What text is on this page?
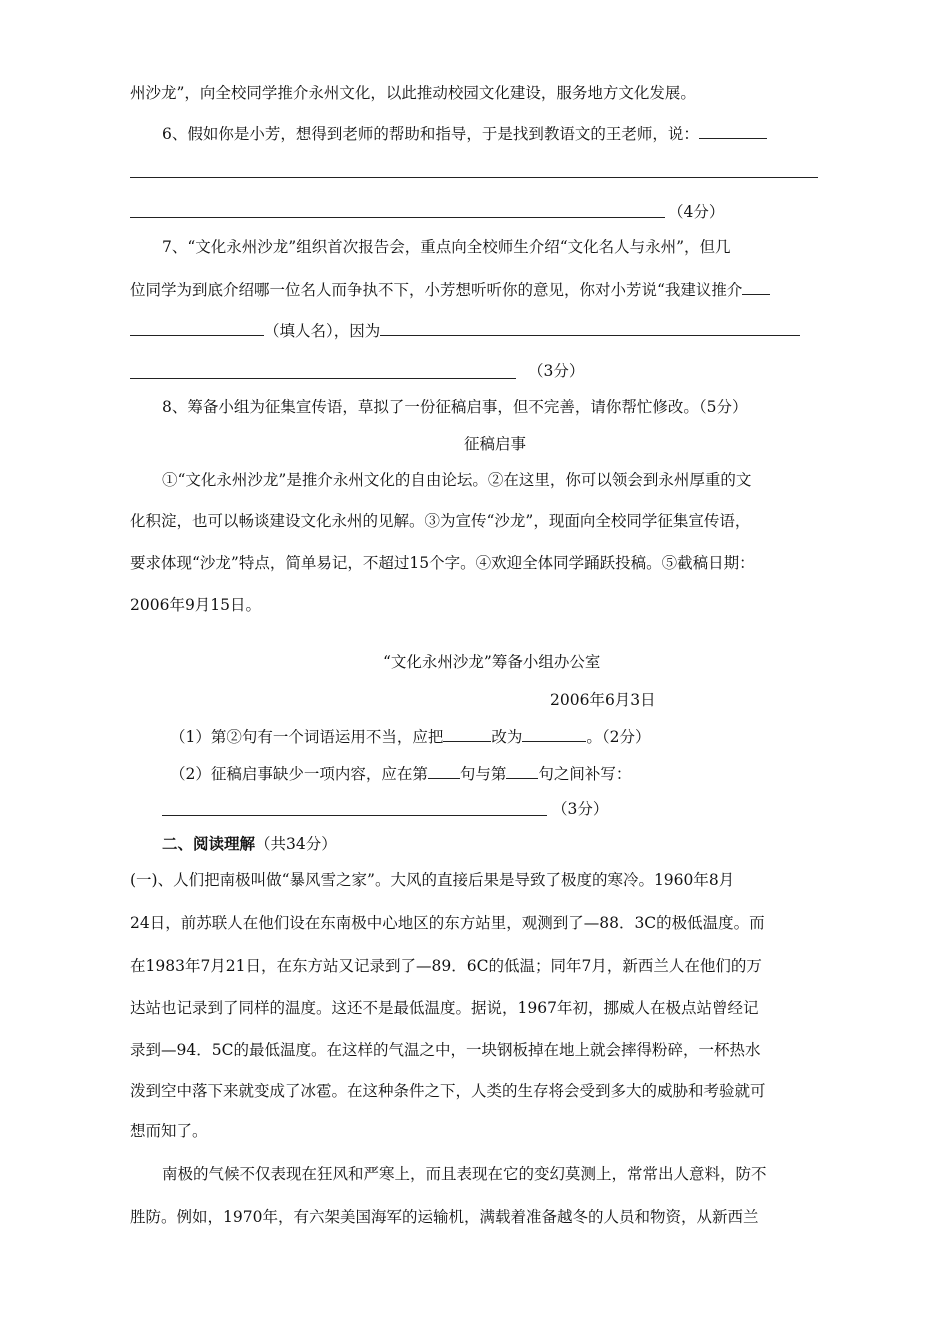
州沙龙”，向全校同学推介永州文化，以此推动校园文化建设，服务地方文化发展。
6、假如你是小芳，想得到老师的帮助和指导，于是找到教语文的王老师，说：
（4分）
7、“文化永州沙龙”组织首次报告会，重点向全校师生介绍“文化名人与永州”，但几
位同学为到底介绍哪一位名人而争执不下，小芳想听听你的意见，你对小芳说“我建议推介
（填人名），因为
（3分）
8、筹备小组为征集宣传语，草拟了一份征稿启事，但不完善，请你帮忙修改。（5分）
征稿启事
①“文化永州沙龙”是推介永州文化的自由论坛。②在这里，你可以领会到永州厚重的文
化积淀，也可以畅谈建设文化永州的见解。③为宣传“沙龙”，现面向全校同学征集宣传语，
要求体现“沙龙”特点，简单易记，不超过15个字。④欢迎全体同学踊跃投稿。⑤截稿日期：
2006年9月15日。
“文化永州沙龙”筹备小组办公室
2006年6月3日
（1）第②句有一个词语运用不当，应把	改为	。（2分）
（2）征稿启事缺少一项内容，应在第 句与第 句之间补写：
（3分）
二、阅读理解（共34分）
(一)、人们把南极叫做“暴风雪之家”。大风的直接后果是导致了极度的寒冷。1960年8月
24日，前苏联人在他们设在东南极中心地区的东方站里，观测到了—88．3C的极低温度。而
在1983年7月21日，在东方站又记录到了—89．6C的低温；同年7月，新西兰人在他们的万
达站也记录到了同样的温度。这还不是最低温度。据说，1967年初，挪威人在极点站曾经记
录到—94．5C的最低温度。在这样的气温之中，一块钢板掉在地上就会摔得粉碎，一杯热水
泼到空中落下来就变成了冰雹。在这种条件之下，人类的生存将会受到多大的威胁和考验就可
想而知了。
南极的气候不仅表现在狂风和严寒上，而且表现在它的变幻莫测上，常常出人意料，防不
胜防。例如，1970年，有六架美国海军的运输机，满载着准备越冬的人员和物资，从新西兰
